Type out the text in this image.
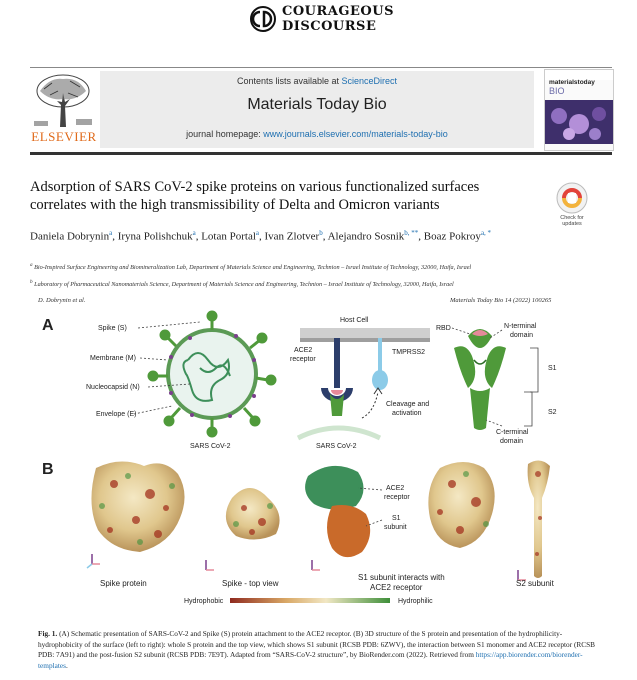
COURAGEOUS
DISCOURSE
Contents lists available at ScienceDirect
Materials Today Bio
journal homepage: www.journals.elsevier.com/materials-today-bio
ELSEVIER
materialstoday
BIO
Adsorption of SARS CoV-2 spike proteins on various functionalized surfaces correlates with the high transmissibility of Delta and Omicron variants
Check for
updates
Daniela Dobrynin$^a$, Iryna Polishchuk$^a$, Lotan Portal$^a$, Ivan Zlotver$^b$, Alejandro Sosnik$^{b, **}$, Boaz Pokroy$^{a, *}$
$^a$ Bio-Inspired Surface Engineering and Biomineralization Lab, Department of Materials Science and Engineering, Technion – Israel Institute of Technology, 32000, Haifa, Israel
$^b$ Laboratory of Pharmaceutical Nanomaterials Science, Department of Materials Science and Engineering, Technion – Israel Institute of Technology, 32000, Haifa, Israel
D. Dobrynin et al.	Materials Today Bio 14 (2022) 100265
A	Spike (S)
Membrane (M)
Nucleocapsid (N)
Envelope (E)
SARS CoV-2
Host Cell
ACE2
receptor
TMPRSS2
Cleavage and
activation
SARS CoV-2
RBD	N-terminal
domain
C-terminal
domain
S1
S2
B
ACE2
receptor
S1
subunit
Spike protein	Spike - top view
S1 subunit interacts with
ACE2 receptor	S2 subunit
Hydrophobic	Hydrophilic
Fig. 1. (A) Schematic presentation of SARS-CoV-2 and Spike (S) protein attachment to the ACE2 receptor. (B) 3D structure of the S protein and presentation of the hydrophilicity-hydrophobicity of the surface (left to right): whole S protein and the top view, which shows S1 subunit (RCSB PDB: 6ZWV), the interaction between S1 monomer and ACE2 receptor (RCSB PDB: 7A91) and the post-fusion S2 subunit (RCSB PDB: 7E9T). Adapted from “SARS-CoV-2 structure”, by BioRender.com (2022). Retrieved from https://app.biorender.com/biorender-templates.
